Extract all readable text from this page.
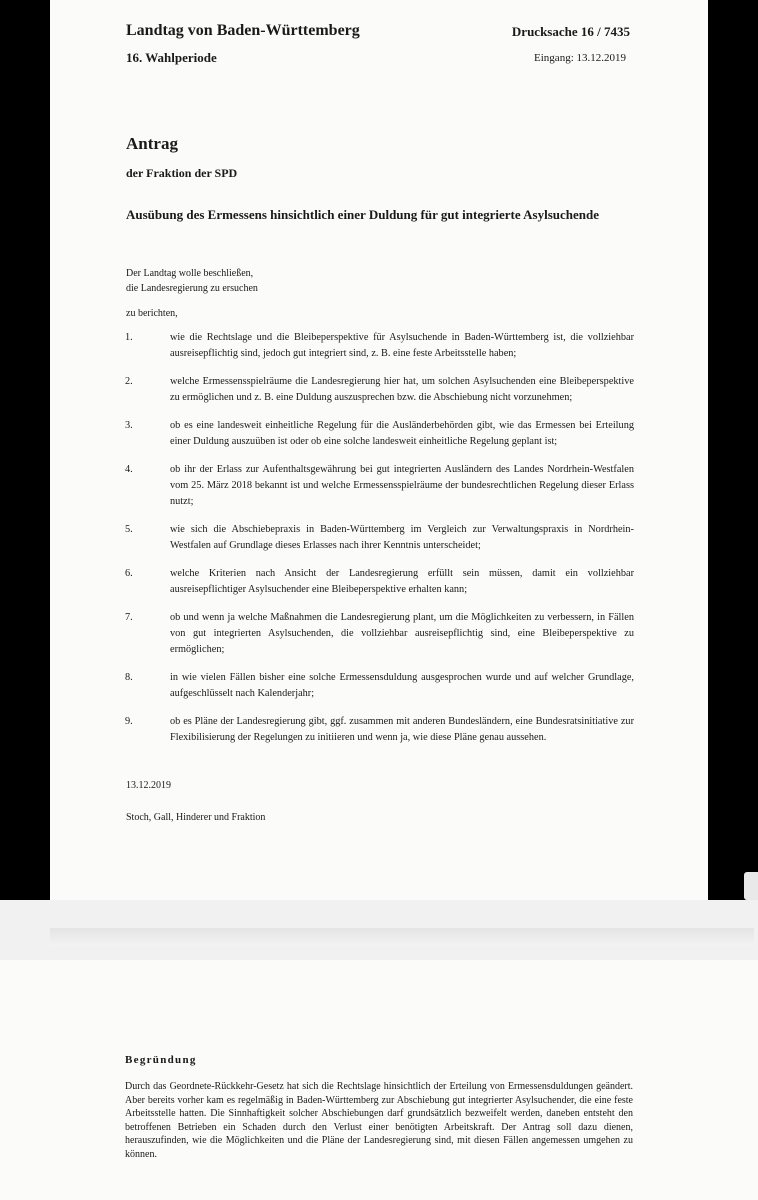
Landtag von Baden-Württemberg

16. Wahlperiode

Drucksache 16 / 7435

Eingang: 13.12.2019

Antrag

der Fraktion der SPD

Ausübung des Ermessens hinsichtlich einer Duldung für gut integrierte Asylsuchende

Der Landtag wolle beschließen,

die Landesregierung zu ersuchen

zu berichten,

1.	wie die Rechtslage und die Bleibeperspektive für Asylsuchende in Baden-Württemberg ist, die vollziehbar ausreisepflichtig sind, jedoch gut integriert sind, z. B. eine feste Arbeitsstelle haben;
2.	welche Ermessensspielräume die Landesregierung hier hat, um solchen Asylsuchenden eine Bleibeperspektive zu ermöglichen und z. B. eine Duldung auszusprechen bzw. die Abschiebung nicht vorzunehmen;
3.	ob es eine landesweit einheitliche Regelung für die Ausländerbehörden gibt, wie das Ermessen bei Erteilung einer Duldung auszuüben ist oder ob eine solche landesweit einheitliche Regelung geplant ist;
4.	ob ihr der Erlass zur Aufenthaltsgewährung bei gut integrierten Ausländern des Landes Nordrhein-Westfalen vom 25. März 2018 bekannt ist und welche Ermessensspielräume der bundesrechtlichen Regelung dieser Erlass nutzt;
5.	wie sich die Abschiebepraxis in Baden-Württemberg im Vergleich zur Verwaltungspraxis in Nordrhein-Westfalen auf Grundlage dieses Erlasses nach ihrer Kenntnis unterscheidet;
6.	welche Kriterien nach Ansicht der Landesregierung erfüllt sein müssen, damit ein vollziehbar ausreisepflichtiger Asylsuchender eine Bleibeperspektive erhalten kann;
7.	ob und wenn ja welche Maßnahmen die Landesregierung plant, um die Möglichkeiten zu verbessern, in Fällen von gut integrierten Asylsuchenden, die vollziehbar ausreisepflichtig sind, eine Bleibeperspektive zu ermöglichen;
8.	in wie vielen Fällen bisher eine solche Ermessensduldung ausgesprochen wurde und auf welcher Grundlage, aufgeschlüsselt nach Kalenderjahr;
9.	ob es Pläne der Landesregierung gibt, ggf. zusammen mit anderen Bundesländern, eine Bundesratsinitiative zur Flexibilisierung der Regelungen zu initiieren und wenn ja, wie diese Pläne genau aussehen.

13.12.2019

Stoch, Gall, Hinderer und Fraktion

Begründung

Durch das Geordnete-Rückkehr-Gesetz hat sich die Rechtslage hinsichtlich der Erteilung von Ermessensduldungen geändert. Aber bereits vorher kam es regelmäßig in Baden-Württemberg zur Abschiebung gut integrierter Asylsuchender, die eine feste Arbeitsstelle hatten. Die Sinnhaftigkeit solcher Abschiebungen darf grundsätzlich bezweifelt werden, daneben entsteht den betroffenen Betrieben ein Schaden durch den Verlust einer benötigten Arbeitskraft. Der Antrag soll dazu dienen, herauszufinden, wie die Möglichkeiten und die Pläne der Landesregierung sind, mit diesen Fällen angemessen umgehen zu können.
